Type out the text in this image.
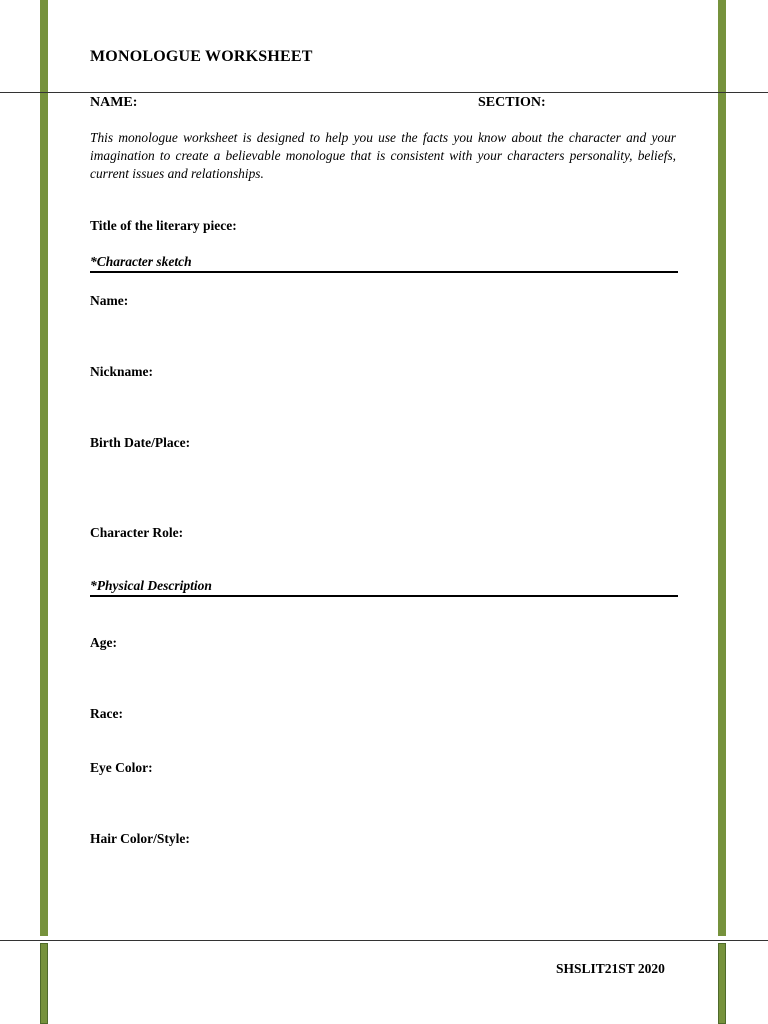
MONOLOGUE WORKSHEET
NAME:	SECTION:
This monologue worksheet is designed to help you use the facts you know about the character and your imagination to create a believable monologue that is consistent with your characters personality, beliefs, current issues and relationships.
Title of the literary piece:
*Character sketch
Name:
Nickname:
Birth Date/Place:
Character Role:
*Physical Description
Age:
Race:
Eye Color:
Hair Color/Style:
SHSLIT21ST 2020
